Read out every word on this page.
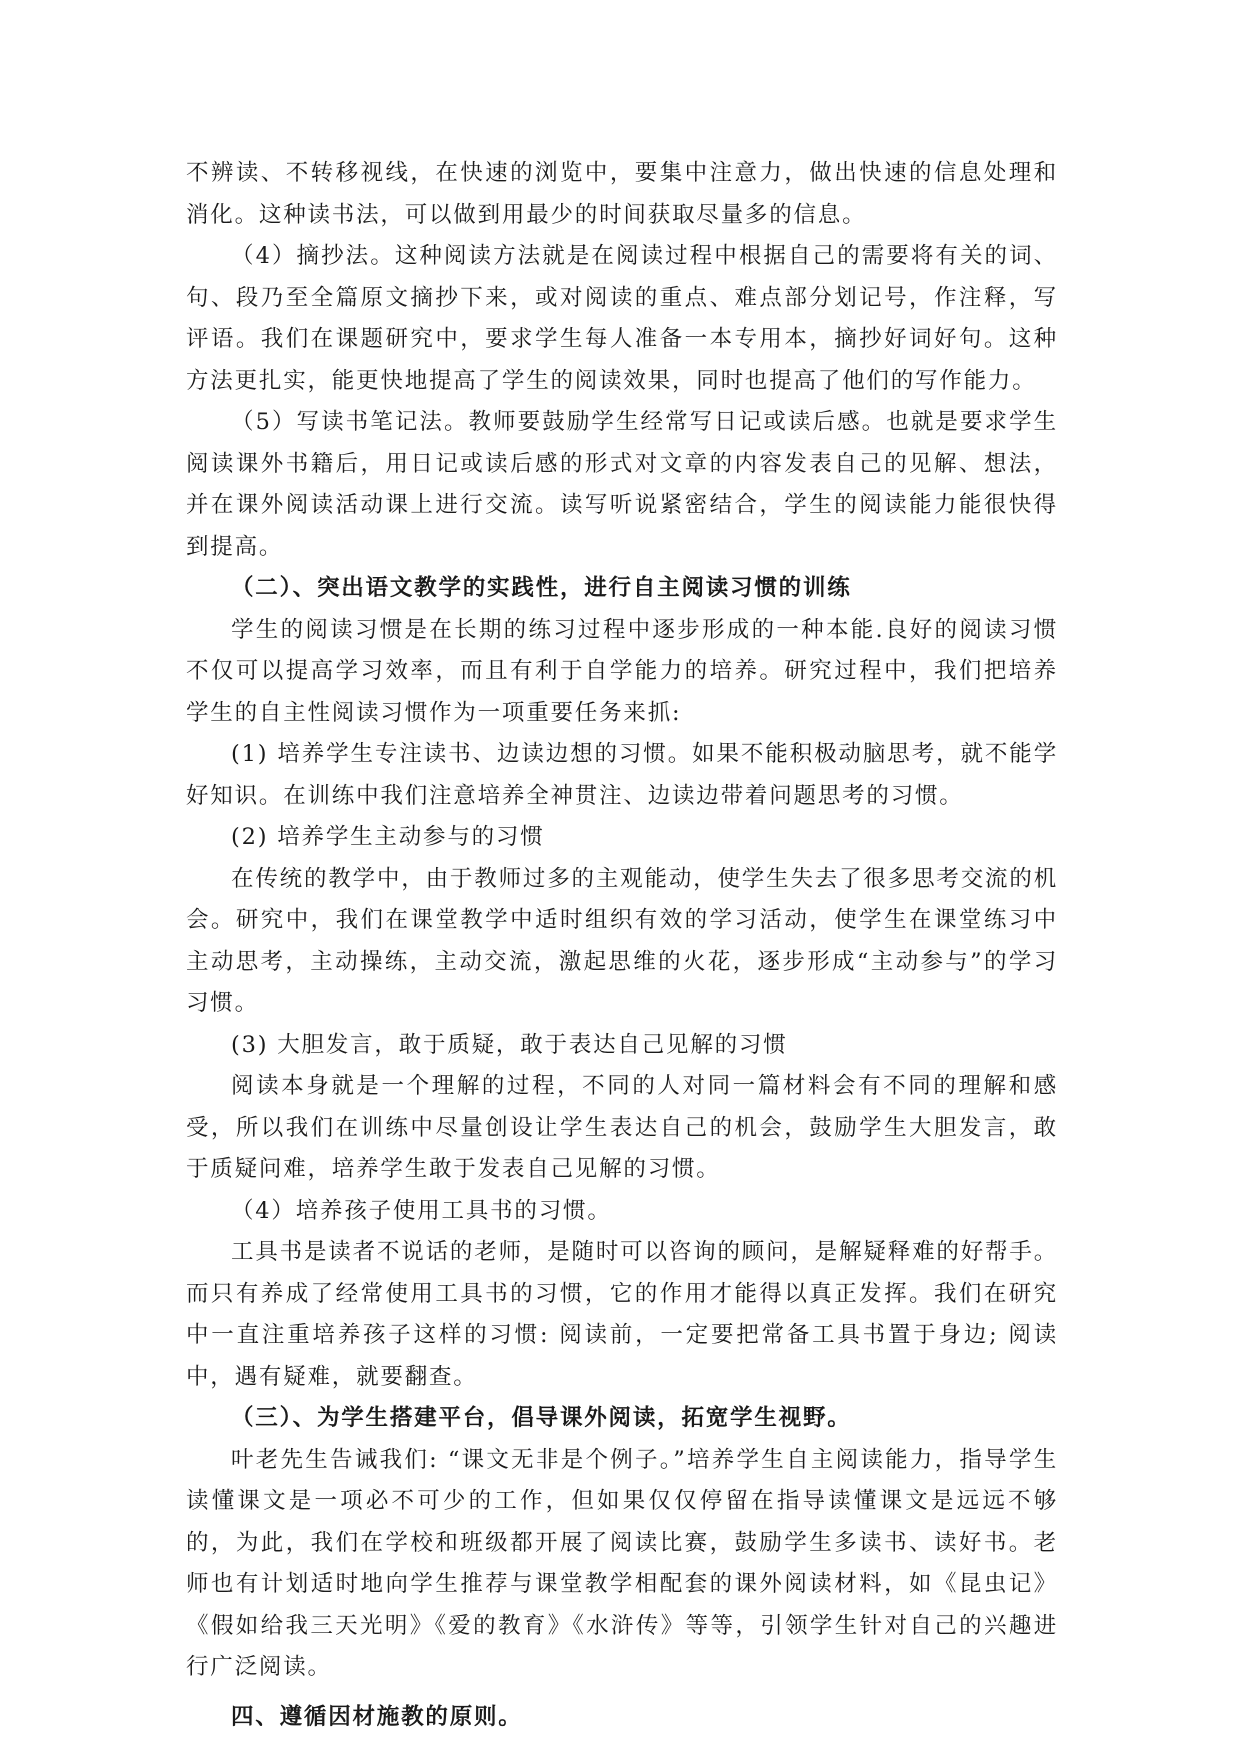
不辨读、不转移视线，在快速的浏览中，要集中注意力，做出快速的信息处理和消化。这种读书法，可以做到用最少的时间获取尽量多的信息。

（4）摘抄法。这种阅读方法就是在阅读过程中根据自己的需要将有关的词、句、段乃至全篇原文摘抄下来，或对阅读的重点、难点部分划记号，作注释，写评语。我们在课题研究中，要求学生每人准备一本专用本，摘抄好词好句。这种方法更扎实，能更快地提高了学生的阅读效果，同时也提高了他们的写作能力。

（5）写读书笔记法。教师要鼓励学生经常写日记或读后感。也就是要求学生阅读课外书籍后，用日记或读后感的形式对文章的内容发表自己的见解、想法，并在课外阅读活动课上进行交流。读写听说紧密结合，学生的阅读能力能很快得到提高。

（二）、突出语文教学的实践性，进行自主阅读习惯的训练

学生的阅读习惯是在长期的练习过程中逐步形成的一种本能.良好的阅读习惯不仅可以提高学习效率，而且有利于自学能力的培养。研究过程中，我们把培养学生的自主性阅读习惯作为一项重要任务来抓:

(1) 培养学生专注读书、边读边想的习惯。如果不能积极动脑思考，就不能学好知识。在训练中我们注意培养全神贯注、边读边带着问题思考的习惯。

(2) 培养学生主动参与的习惯

在传统的教学中，由于教师过多的主观能动，使学生失去了很多思考交流的机会。研究中，我们在课堂教学中适时组织有效的学习活动，使学生在课堂练习中主动思考，主动操练，主动交流，激起思维的火花，逐步形成“主动参与”的学习习惯。

(3) 大胆发言，敢于质疑，敢于表达自己见解的习惯

阅读本身就是一个理解的过程，不同的人对同一篇材料会有不同的理解和感受，所以我们在训练中尽量创设让学生表达自己的机会，鼓励学生大胆发言，敢于质疑问难，培养学生敢于发表自己见解的习惯。

（4）培养孩子使用工具书的习惯。

工具书是读者不说话的老师，是随时可以咨询的顾问，是解疑释难的好帮手。而只有养成了经常使用工具书的习惯，它的作用才能得以真正发挥。我们在研究中一直注重培养孩子这样的习惯: 阅读前，一定要把常备工具书置于身边; 阅读中，遇有疑难，就要翻查。

（三）、为学生搭建平台，倡导课外阅读，拓宽学生视野。

叶老先生告诫我们: “课文无非是个例子。”培养学生自主阅读能力，指导学生读懂课文是一项必不可少的工作，但如果仅仅停留在指导读懂课文是远远不够的，为此，我们在学校和班级都开展了阅读比赛，鼓励学生多读书、读好书。老师也有计划适时地向学生推荐与课堂教学相配套的课外阅读材料，如《昆虫记》《假如给我三天光明》《爱的教育》《水浒传》等等，引领学生针对自己的兴趣进行广泛阅读。

四、遵循因材施教的原则。
